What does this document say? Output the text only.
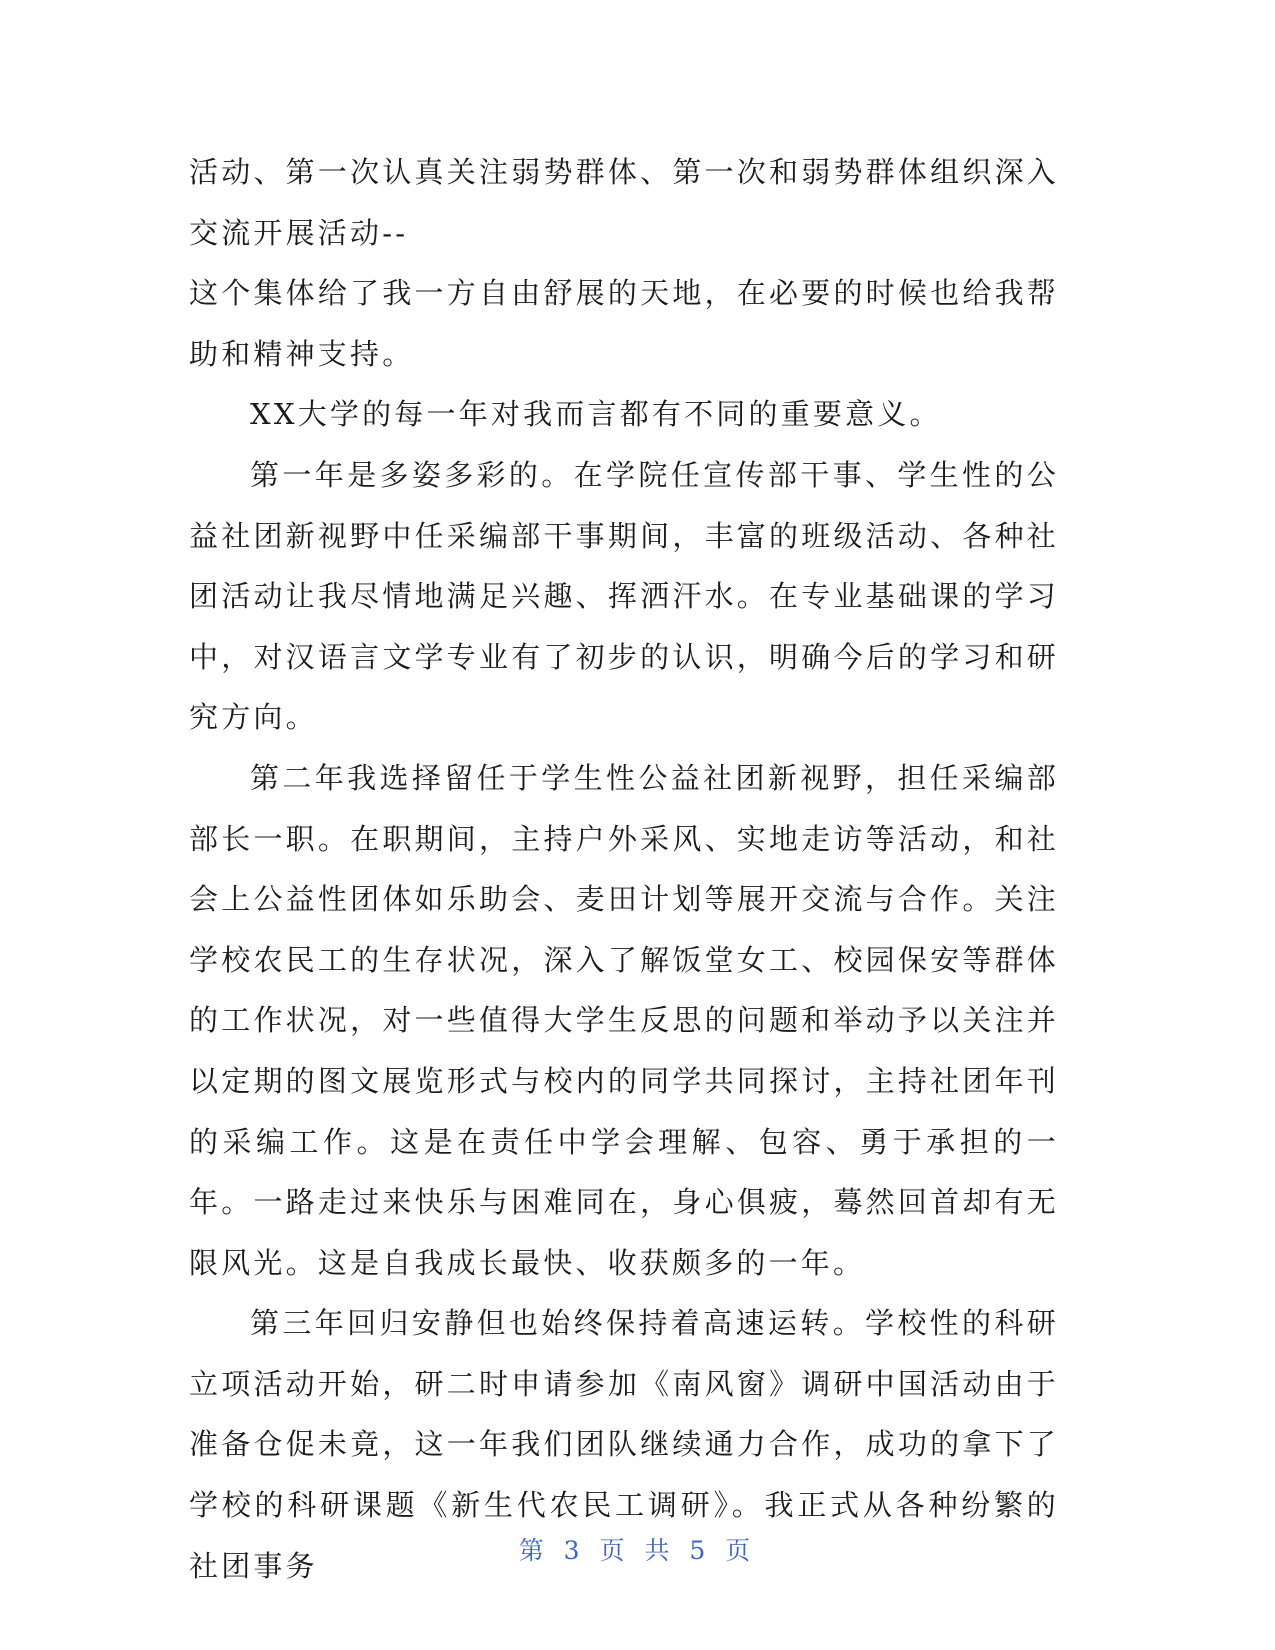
活动、第一次认真关注弱势群体、第一次和弱势群体组织深入交流开展活动--

这个集体给了我一方自由舒展的天地，在必要的时候也给我帮助和精神支持。

XX大学的每一年对我而言都有不同的重要意义。

第一年是多姿多彩的。在学院任宣传部干事、学生性的公益社团新视野中任采编部干事期间，丰富的班级活动、各种社团活动让我尽情地满足兴趣、挥洒汗水。在专业基础课的学习中，对汉语言文学专业有了初步的认识，明确今后的学习和研究方向。

第二年我选择留任于学生性公益社团新视野，担任采编部部长一职。在职期间，主持户外采风、实地走访等活动，和社会上公益性团体如乐助会、麦田计划等展开交流与合作。关注学校农民工的生存状况，深入了解饭堂女工、校园保安等群体的工作状况，对一些值得大学生反思的问题和举动予以关注并以定期的图文展览形式与校内的同学共同探讨，主持社团年刊的采编工作。这是在责任中学会理解、包容、勇于承担的一年。一路走过来快乐与困难同在，身心俱疲，蓦然回首却有无限风光。这是自我成长最快、收获颇多的一年。

第三年回归安静但也始终保持着高速运转。学校性的科研立项活动开始，研二时申请参加《南风窗》调研中国活动由于准备仓促未竟，这一年我们团队继续通力合作，成功的拿下了学校的科研课题《新生代农民工调研》。我正式从各种纷繁的社团事务	第 3 页 共 5 页
